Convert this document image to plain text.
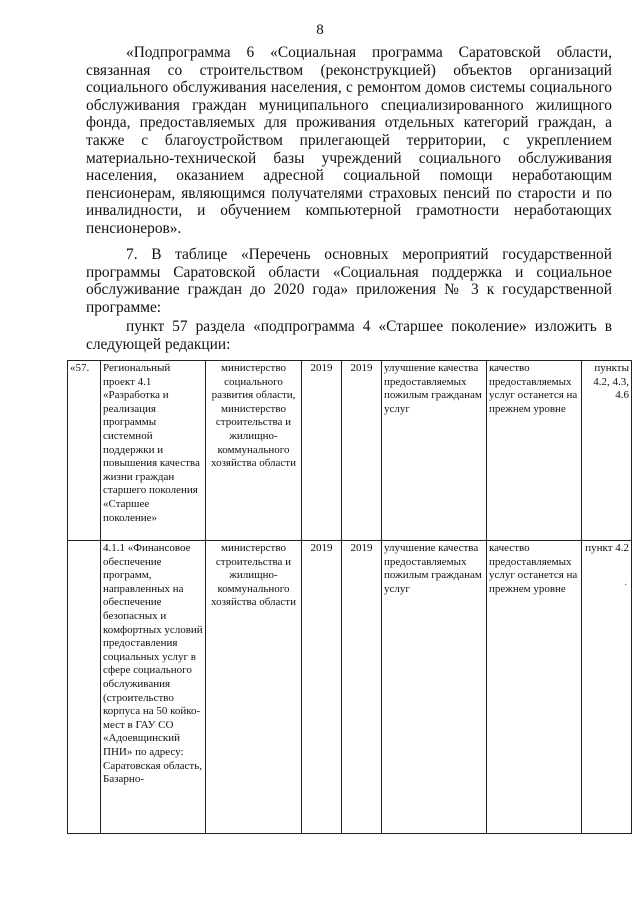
8

«Подпрограмма 6 «Социальная программа Саратовской области, связанная со строительством (реконструкцией) объектов организаций социального обслуживания населения, с ремонтом домов системы социального обслуживания граждан муниципального специализированного жилищного фонда, предоставляемых для проживания отдельных категорий граждан, а также с благоустройством прилегающей территории, с укреплением материально-технической базы учреждений социального обслуживания населения, оказанием адресной социальной помощи неработающим пенсионерам, являющимся получателями страховых пенсий по старости и по инвалидности, и обучением компьютерной грамотности неработающих пенсионеров».

7. В таблице «Перечень основных мероприятий государственной программы Саратовской области «Социальная поддержка и социальное обслуживание граждан до 2020 года» приложения № 3 к государственной программе:

пункт 57 раздела «подпрограмма 4 «Старшее поколение» изложить в следующей редакции:

«57.	Региональный проект 4.1 «Разработка и реализация программы системной поддержки и повышения качества жизни граждан старшего поколения «Старшее поколение»	министерство социального развития области, министерство строительства и жилищно-коммунального хозяйства области	2019	2019	улучшение качества предоставляемых пожилым гражданам услуг	качество предоставляемых услуг останется на прежнем уровне	пункты 4.2, 4.3, 4.6
	4.1.1 «Финансовое обеспечение программ, направленных на обеспечение безопасных и комфортных условий предоставления социальных услуг в сфере социального обслуживания (строительство корпуса на 50 койко-мест в ГАУ СО «Адоевщинский ПНИ» по адресу: Саратовская область, Базарно-	министерство строительства и жилищно-коммунального хозяйства области	2019	2019	улучшение качества предоставляемых пожилым гражданам услуг	качество предоставляемых услуг останется на прежнем уровне	пункт 4.2
·
